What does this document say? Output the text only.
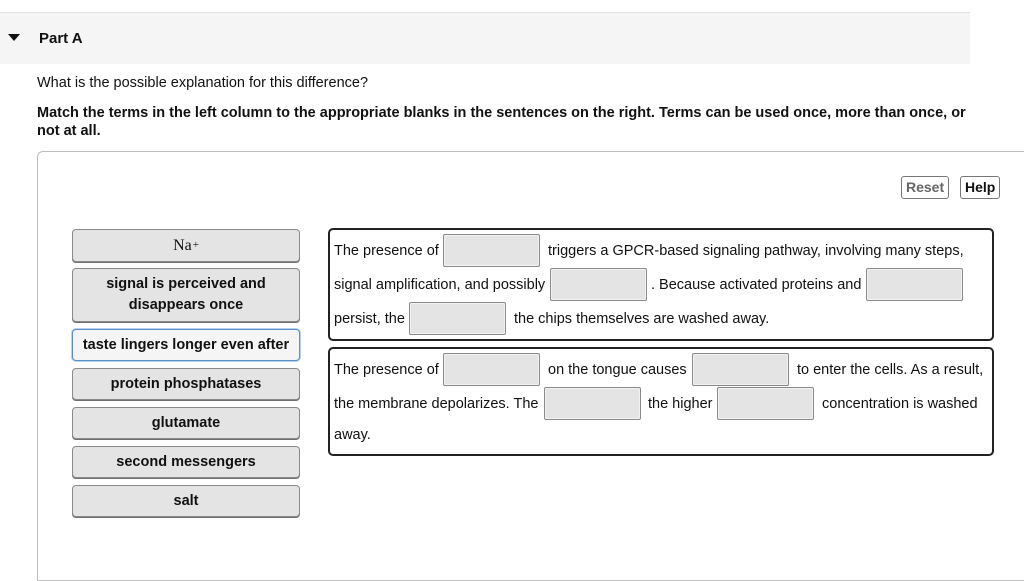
Part A
What is the possible explanation for this difference?
Match the terms in the left column to the appropriate blanks in the sentences on the right. Terms can be used once, more than once, or not at all.
Reset	Help
Na +
signal is perceived and
disappears once
taste lingers longer even after
protein phosphatases
glutamate
second messengers
salt
The presence of	triggers a GPCR-based signaling pathway, involving many steps,
signal amplification, and possibly	. Because activated proteins and
persist, the	the chips themselves are washed away.
The presence of	on the tongue causes	to enter the cells. As a result,
the membrane depolarizes. The	the higher	concentration is washed
away.
